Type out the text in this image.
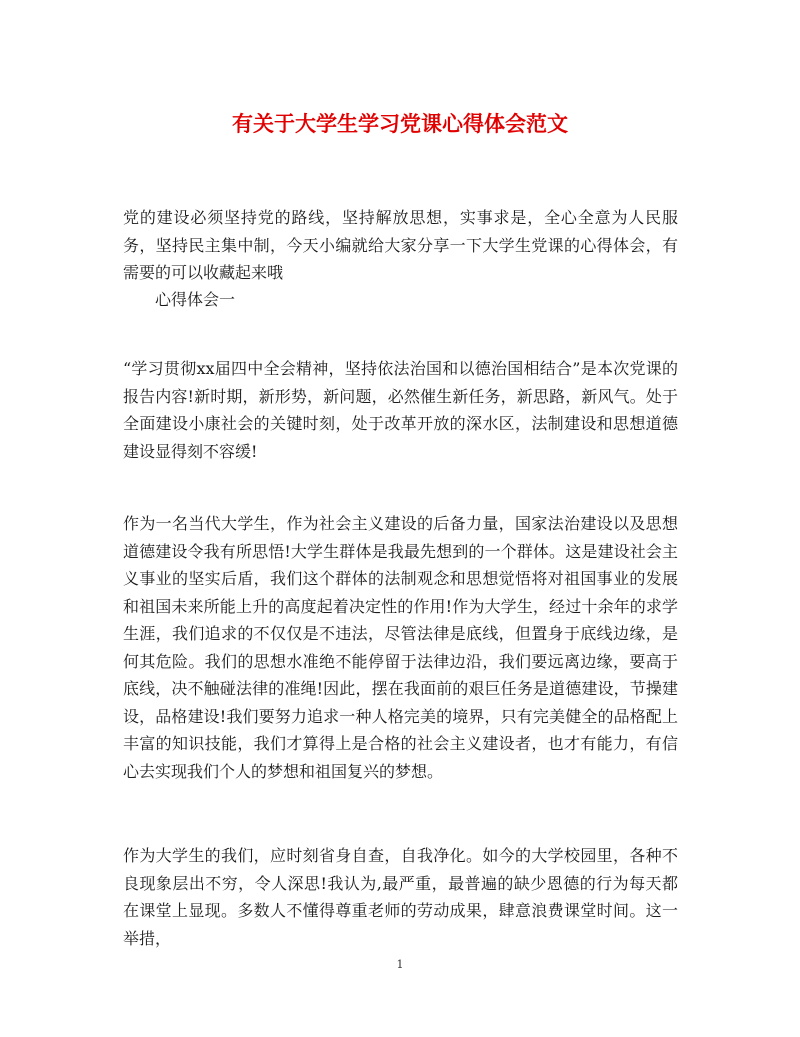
有关于大学生学习党课心得体会范文
党的建设必须坚持党的路线，坚持解放思想，实事求是，全心全意为人民服务，坚持民主集中制，今天小编就给大家分享一下大学生党课的心得体会，有需要的可以收藏起来哦
心得体会一
“学习贯彻xx届四中全会精神，坚持依法治国和以德治国相结合”是本次党课的报告内容!新时期，新形势，新问题，必然催生新任务，新思路，新风气。处于全面建设小康社会的关键时刻，处于改革开放的深水区，法制建设和思想道德建设显得刻不容缓!
作为一名当代大学生，作为社会主义建设的后备力量，国家法治建设以及思想道德建设令我有所思悟!大学生群体是我最先想到的一个群体。这是建设社会主义事业的坚实后盾，我们这个群体的法制观念和思想觉悟将对祖国事业的发展和祖国未来所能上升的高度起着决定性的作用!作为大学生，经过十余年的求学生涯，我们追求的不仅仅是不违法，尽管法律是底线，但置身于底线边缘，是何其危险。我们的思想水准绝不能停留于法律边沿，我们要远离边缘，要高于底线，决不触碰法律的准绳!因此，摆在我面前的艰巨任务是道德建设，节操建设，品格建设!我们要努力追求一种人格完美的境界，只有完美健全的品格配上丰富的知识技能，我们才算得上是合格的社会主义建设者，也才有能力，有信心去实现我们个人的梦想和祖国复兴的梦想。
作为大学生的我们，应时刻省身自查，自我净化。如今的大学校园里，各种不良现象层出不穷，令人深思!我认为,最严重，最普遍的缺少恩德的行为每天都在课堂上显现。多数人不懂得尊重老师的劳动成果，肆意浪费课堂时间。这一举措，
1
